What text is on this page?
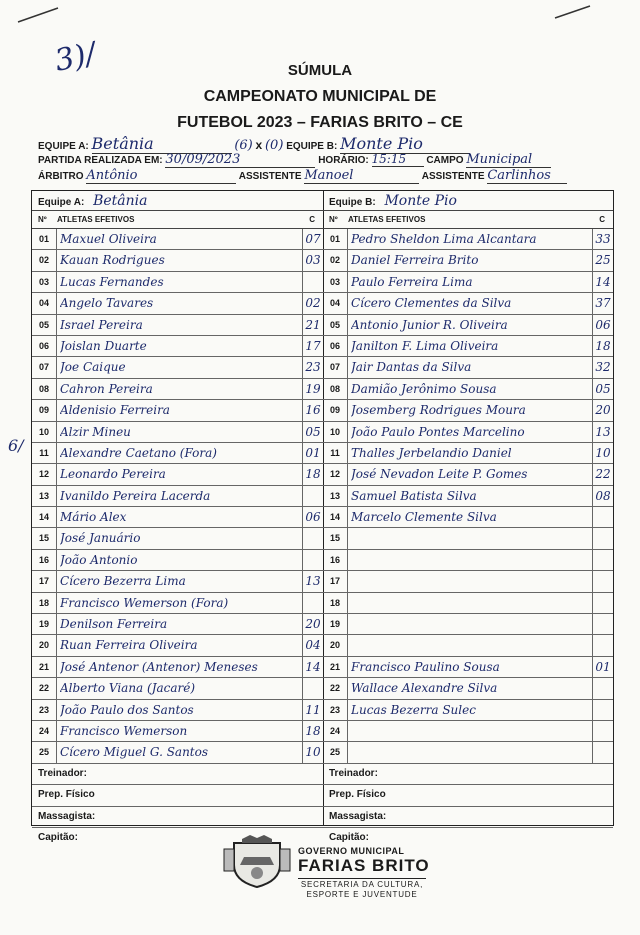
3)/	SÚMULA
CAMPEONATO MUNICIPAL DE
FUTEBOL 2023 – FARIAS BRITO – CE
EQUIPE A: Betânia	(6) x (0) EQUIPE B: Monte Pio
PARTIDA REALIZADA EM: 30/09/2023	HORÁRIO: 15:15 CAMPO Municipal
ÁRBITRO Antônio	ASSISTENTE Manoel	ASSISTENTE Carlinhos
6/
Equipe A: Betânia
Nº ATLETAS EFETIVOS	C
01 Maxuel Oliveira	07
02 Kauan Rodrigues	03
03 Lucas Fernandes
04 Angelo Tavares	02
05 Israel Pereira	21
06 Joislan Duarte	17
07 Joe Caique	23
08 Cahron Pereira	19
09 Aldenisio Ferreira	16
10 Alzir Mineu	05
11 Alexandre Caetano (Fora)	01
12 Leonardo Pereira	18
13 Ivanildo Pereira Lacerda
14 Mário Alex	06
15 José Januário
16 João Antonio
17 Cícero Bezerra Lima	13
18 Francisco Wemerson (Fora)
19 Denilson Ferreira	20
20 Ruan Ferreira Oliveira	04
21 José Antenor (Antenor) Meneses	14
22 Alberto Viana (Jacaré)
23 João Paulo dos Santos	11
24 Francisco Wemerson	18
25 Cícero Miguel G. Santos	10
Treinador:
Prep. Físico
Massagista:
Capitão:
Equipe B: Monte Pio
Nº ATLETAS EFETIVOS	C
01 Pedro Sheldon Lima Alcantara	33
02 Daniel Ferreira Brito	25
03 Paulo Ferreira Lima	14
04 Cícero Clementes da Silva	37
05 Antonio Junior R. Oliveira	06
06 Janilton F. Lima Oliveira	18
07 Jair Dantas da Silva	32
08 Damião Jerônimo Sousa	05
09 Josemberg Rodrigues Moura	20
10 João Paulo Pontes Marcelino	13
11 Thalles Jerbelandio Daniel	10
12 José Nevadon Leite P. Gomes	22
13 Samuel Batista Silva	08
14 Marcelo Clemente Silva
15
16
17
18
19
20
21 Francisco Paulino Sousa	01
22 Wallace Alexandre Silva
23 Lucas Bezerra Sulec
24
25
Treinador:
Prep. Físico
Massagista:
Capitão:
GOVERNO MUNICIPAL
FARIAS BRITO
SECRETARIA DA CULTURA,
ESPORTE E JUVENTUDE
